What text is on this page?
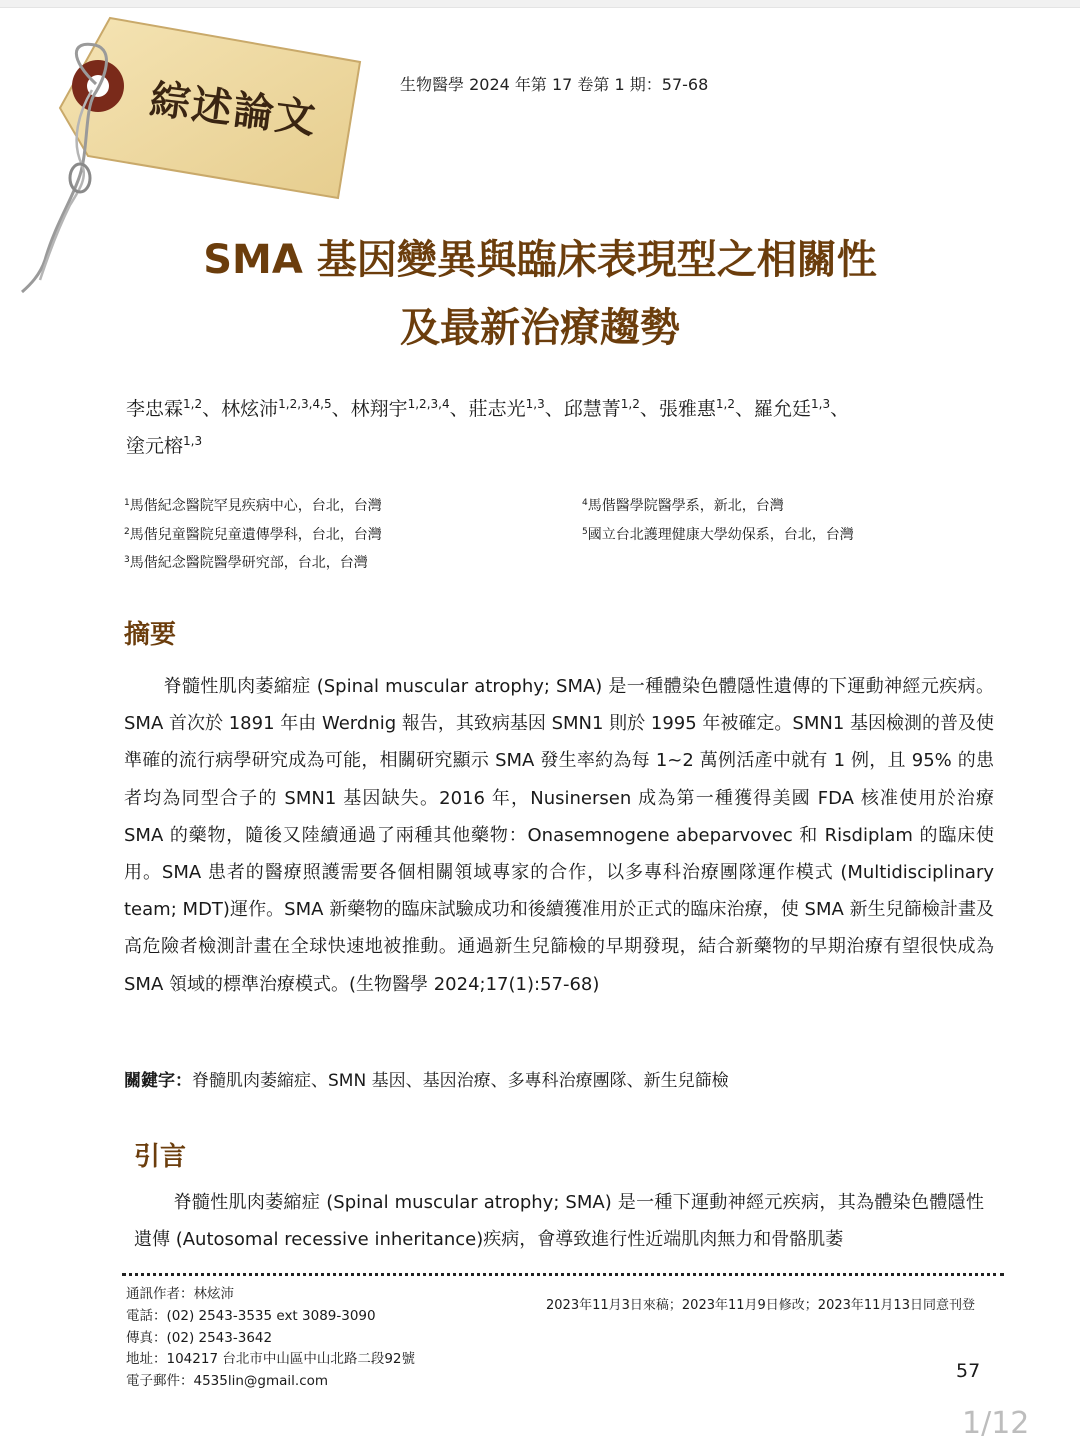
綜述論文	生物醫學 2024 年第 17 卷第 1 期：57-68
SMA 基因變異與臨床表現型之相關性
及最新治療趨勢
李忠霖$^{1,2}$、林炫沛$^{1,2,3,4,5}$、林翔宇$^{1,2,3,4}$、莊志光$^{1,3}$、邱慧菁$^{1,2}$、張雅惠$^{1,2}$、羅允廷$^{1,3}$、
塗元榕$^{1,3}$
$^1$馬偕紀念醫院罕見疾病中心，台北，台灣
$^2$馬偕兒童醫院兒童遺傳學科，台北，台灣
$^3$馬偕紀念醫院醫學研究部，台北，台灣
$^4$馬偕醫學院醫學系，新北，台灣
$^5$國立台北護理健康大學幼保系，台北，台灣
摘要

脊髓性肌肉萎縮症 (Spinal muscular atrophy; SMA) 是一種體染色體隱性遺傳的下運動神經元疾病。SMA 首次於 1891 年由 Werdnig 報告，其致病基因 SMN1 則於 1995 年被確定。SMN1 基因檢測的普及使準確的流行病學研究成為可能，相關研究顯示 SMA 發生率約為每 1~2 萬例活產中就有 1 例，且 95% 的患者均為同型合子的 SMN1 基因缺失。2016 年，Nusinersen 成為第一種獲得美國 FDA 核准使用於治療 SMA 的藥物，隨後又陸續通過了兩種其他藥物：Onasemnogene abeparvovec 和 Risdiplam 的臨床使用。SMA 患者的醫療照護需要各個相關領域專家的合作，以多專科治療團隊運作模式 (Multidisciplinary team; MDT)運作。SMA 新藥物的臨床試驗成功和後續獲准用於正式的臨床治療，使 SMA 新生兒篩檢計畫及高危險者檢測計畫在全球快速地被推動。通過新生兒篩檢的早期發現，結合新藥物的早期治療有望很快成為 SMA 領域的標準治療模式。(生物醫學 2024;17(1):57-68)

關鍵字：脊髓肌肉萎縮症、SMN 基因、基因治療、多專科治療團隊、新生兒篩檢
引言

脊髓性肌肉萎縮症 (Spinal muscular atrophy; SMA) 是一種下運動神經元疾病，其為體染色體隱性遺傳 (Autosomal recessive inheritance)疾病，會導致進行性近端肌肉無力和骨骼肌萎

通訊作者：林炫沛
電話：(02) 2543-3535 ext 3089-3090
傳真：(02) 2543-3642
地址：104217 台北市中山區中山北路二段92號
電子郵件：4535lin@gmail.com
2023年11月3日來稿；2023年11月9日修改；2023年11月13日同意刊登
57
1/12
